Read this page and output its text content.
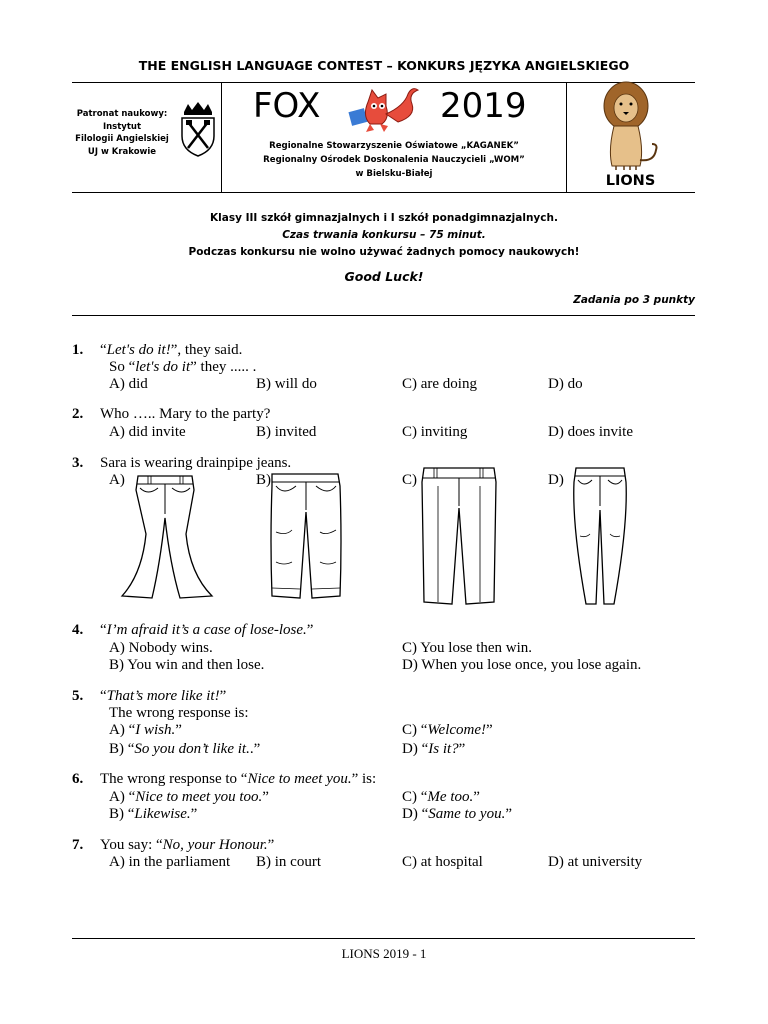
THE ENGLISH LANGUAGE CONTEST – KONKURS JĘZYKA ANGIELSKIEGO
Patronat naukowy:
Instytut
Filologii Angielskiej
UJ w Krakowie
FOX	2019
Regionalne Stowarzyszenie Oświatowe „KAGANEK”
Regionalny Ośrodek Doskonalenia Nauczycieli „WOM”
w Bielsku-Białej	LIONS
Klasy III szkół gimnazjalnych i I szkół ponadgimnazjalnych.
Czas trwania konkursu – 75 minut.
Podczas konkursu nie wolno używać żadnych pomocy naukowych!
Good Luck!
Zadania po 3 punkty
1. “Let's do it!”, they said.
So “let's do it” they ..... .
A) did	B) will do	C) are doing	D) do
2. Who ….. Mary to the party?
A) did invite	B) invited	C) inviting	D) does invite
3. Sara is wearing drainpipe jeans.
A)	B)	C)	D)
4. “I’m afraid it’s a case of lose-lose.”
A) Nobody wins.
B) You win and then lose.
C) You lose then win.
D) When you lose once, you lose again.
5. “That’s more like it!”
The wrong response is:
A) “I wish.”
B) “So you don’t like it..”
C) “Welcome!”
D) “Is it?”
6. The wrong response to “Nice to meet you.” is:
A) “Nice to meet you too.”
B) “Likewise.”
C) “Me too.”
D) “Same to you.”
7. You say: “No, your Honour.”
A) in the parliament B) in court	C) at hospital	D) at university
LIONS 2019 - 1
